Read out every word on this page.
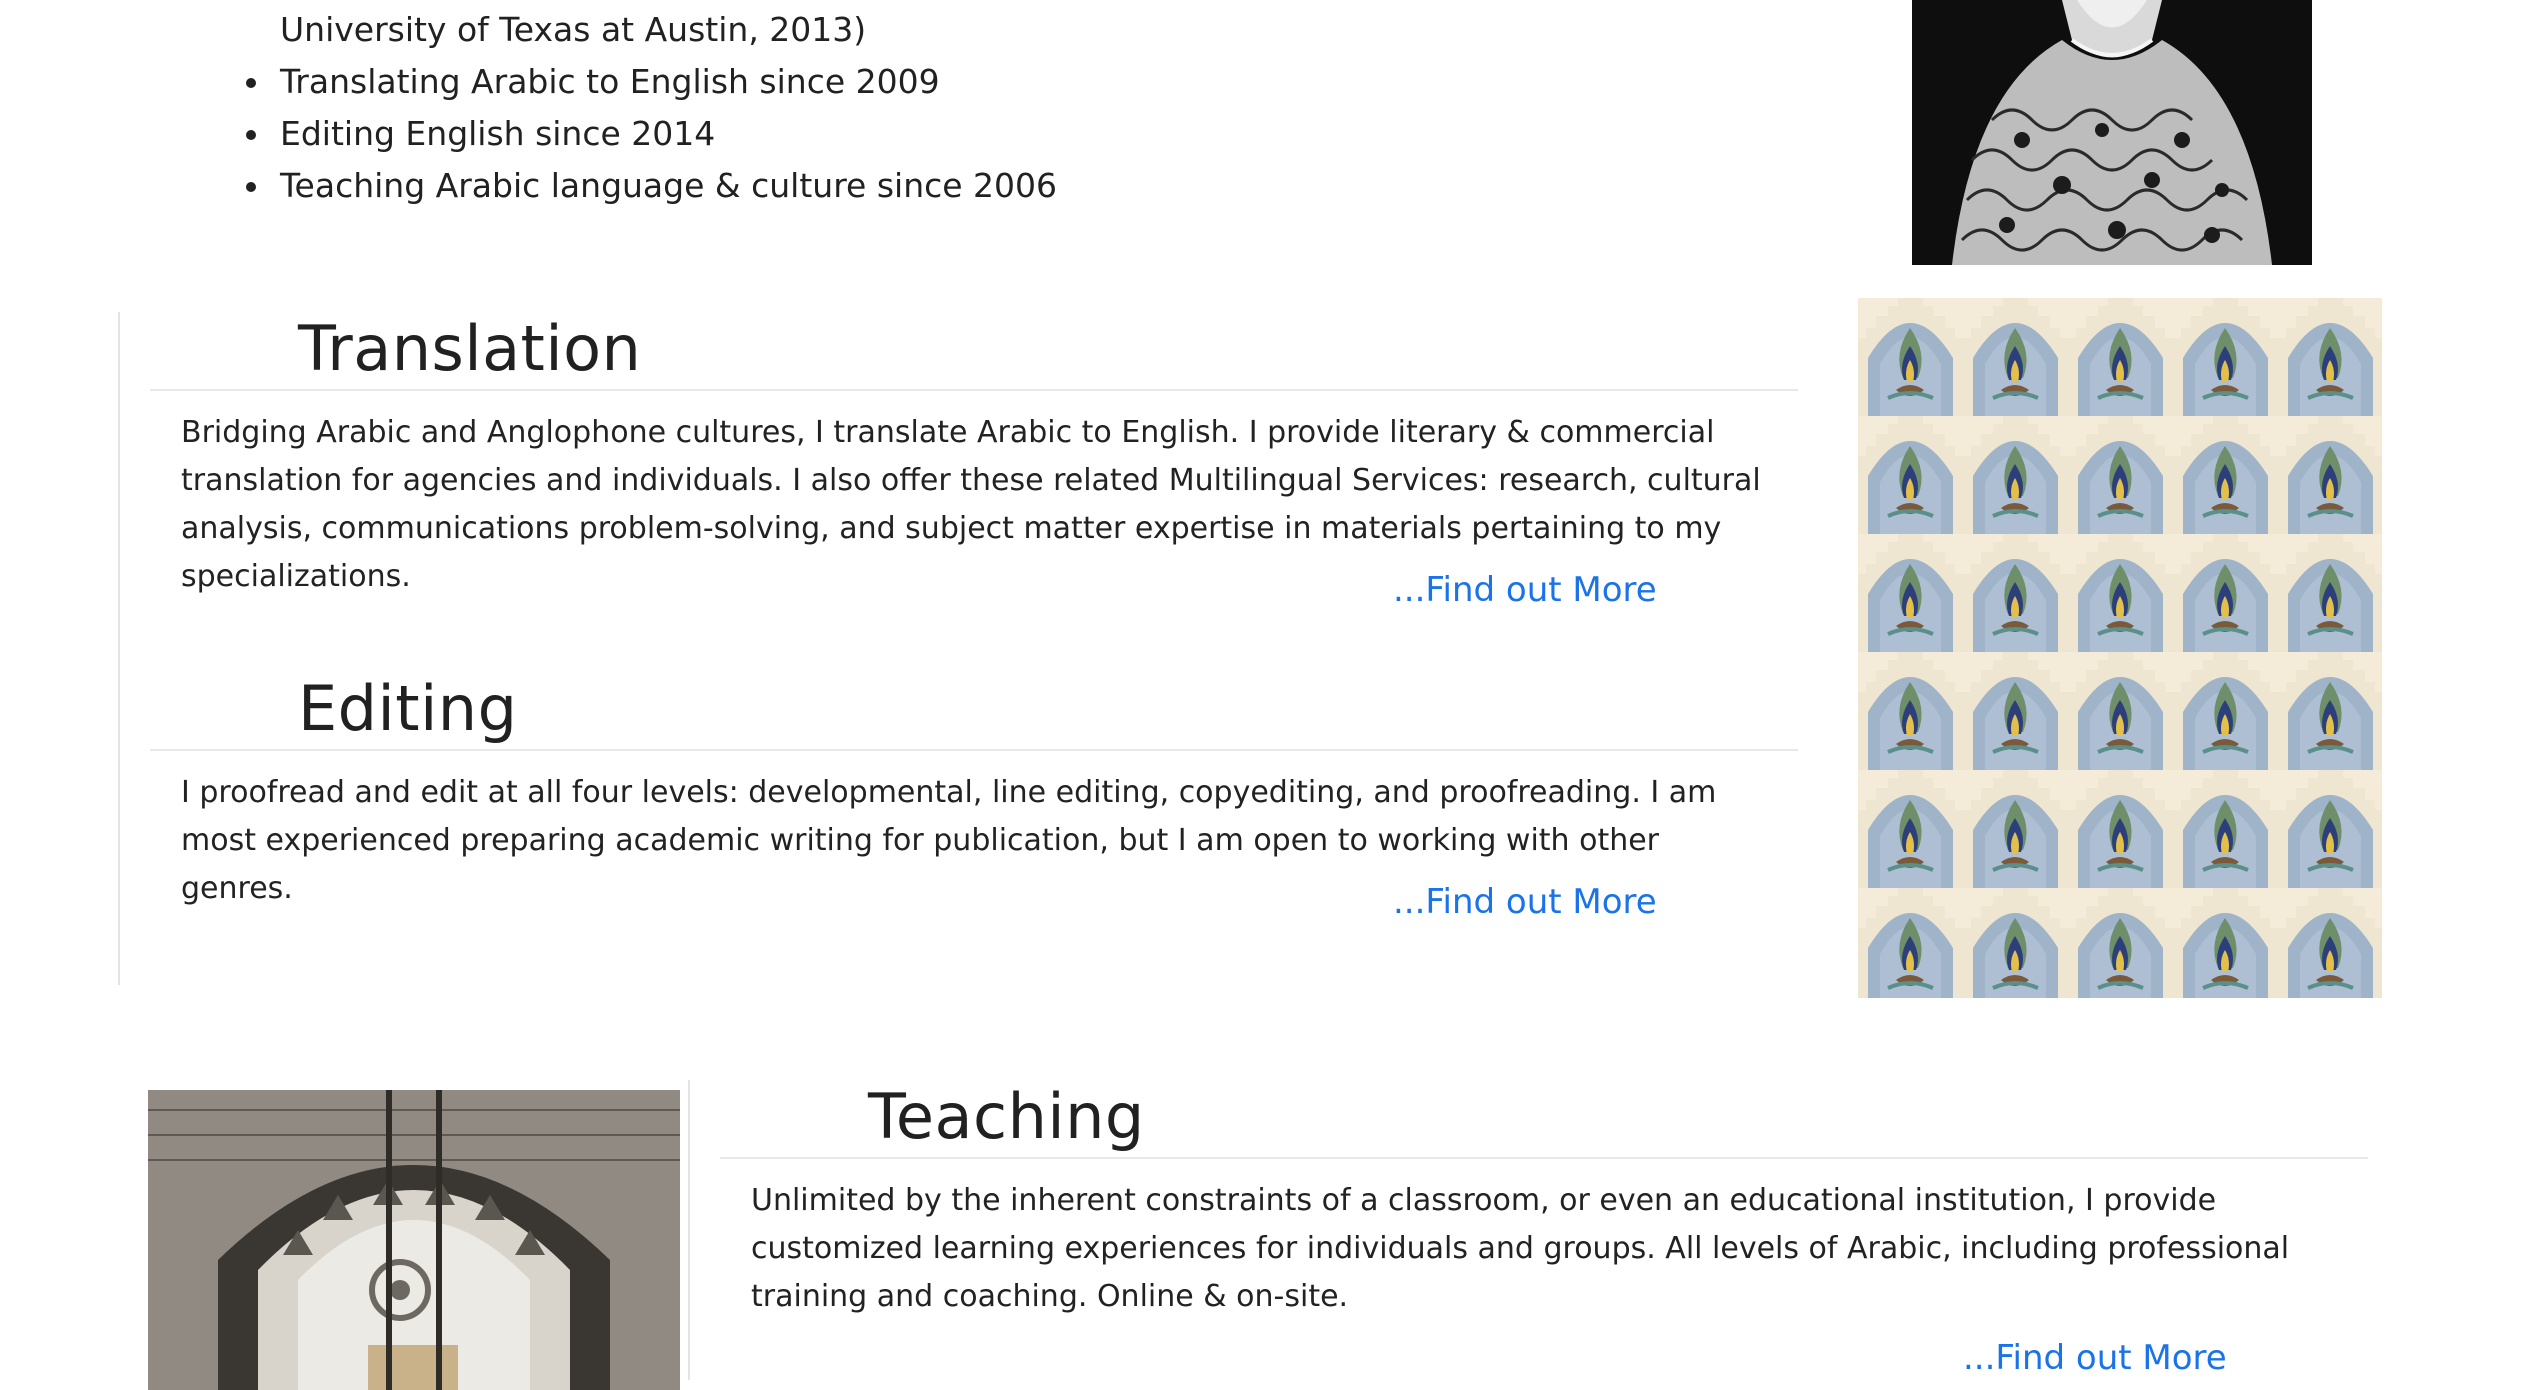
University of Texas at Austin, 2013)
Translating Arabic to English since 2009
Editing English since 2014
Teaching Arabic language & culture since 2006
Translation

Bridging Arabic and Anglophone cultures, I translate Arabic to English. I provide literary & commercial translation for agencies and individuals. I also offer these related Multilingual Services: research, cultural analysis, communications problem-solving, and subject matter expertise in materials pertaining to my specializations.	...Find out More
Editing

I proofread and edit at all four levels: developmental, line editing, copyediting, and proofreading. I am most experienced preparing academic writing for publication, but I am open to working with other genres.	...Find out More
Teaching

Unlimited by the inherent constraints of a classroom, or even an educational institution, I provide customized learning experiences for individuals and groups. All levels of Arabic, including professional training and coaching. Online & on-site.

...Find out More
